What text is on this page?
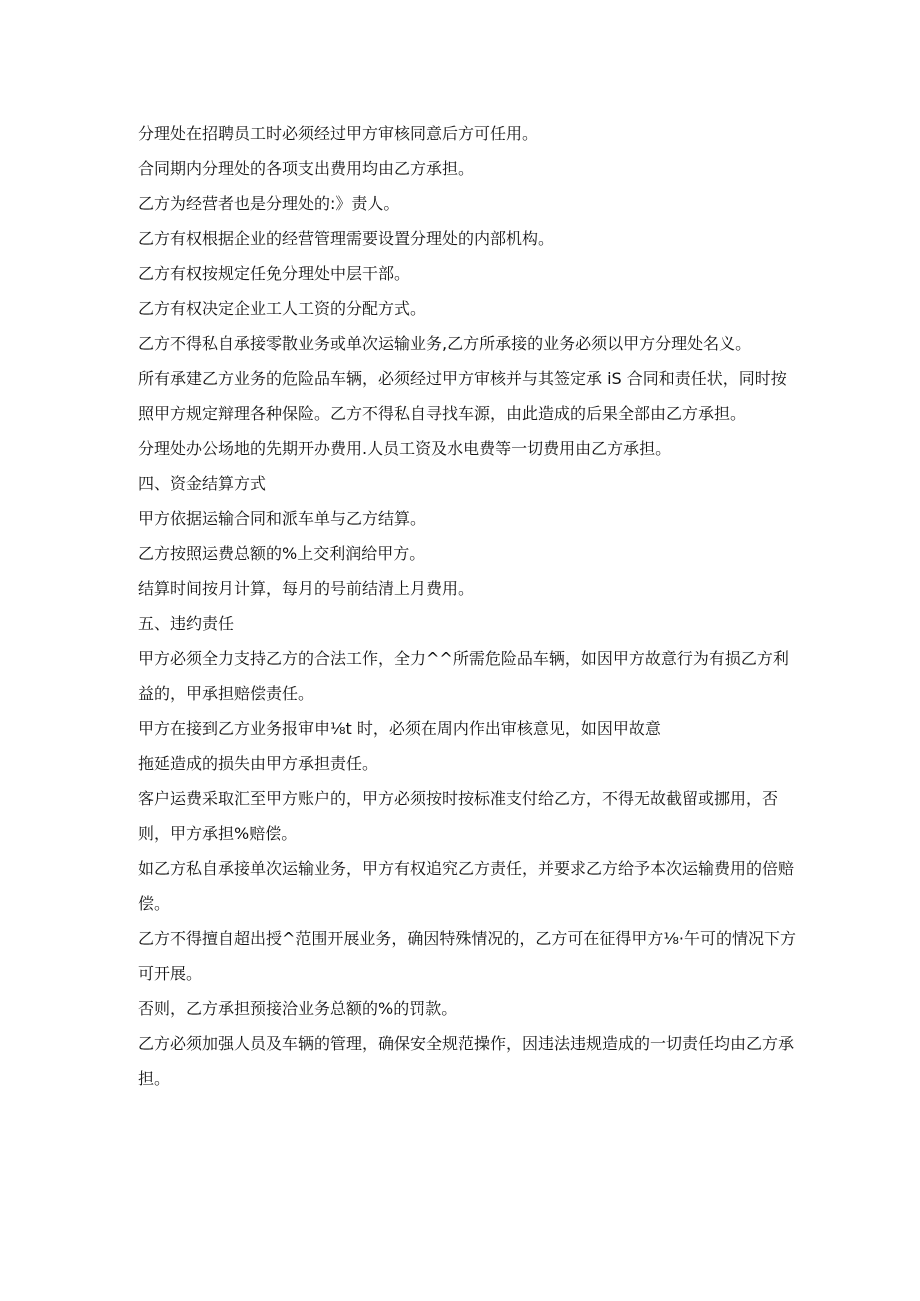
分理处在招聘员工时必须经过甲方审核同意后方可任用。

合同期内分理处的各项支出费用均由乙方承担。

乙方为经营者也是分理处的:》责人。

乙方有权根据企业的经营管理需要设置分理处的内部机构。

乙方有权按规定任免分理处中层干部。

乙方有权决定企业工人工资的分配方式。

乙方不得私自承接零散业务或单次运输业务,乙方所承接的业务必须以甲方分理处名义。

所有承建乙方业务的危险品车辆，必须经过甲方审核并与其签定承 iS 合同和责任状，同时按照甲方规定辩理各种保险。乙方不得私自寻找车源，由此造成的后果全部由乙方承担。

分理处办公场地的先期开办费用.人员工资及水电费等一切费用由乙方承担。

四、资金结算方式

甲方依据运输合同和派车单与乙方结算。

乙方按照运费总额的%上交利润给甲方。

结算时间按月计算，每月的号前结清上月费用。

五、违约责任

甲方必须全力支持乙方的合法工作，全力^^所需危险品车辆，如因甲方故意行为有损乙方利益的，甲承担赔偿责任。

甲方在接到乙方业务报审申⅛t 时，必须在周内作出审核意见，如因甲故意

拖延造成的损失由甲方承担责任。

客户运费采取汇至甲方账户的，甲方必须按时按标准支付给乙方，不得无故截留或挪用，否则，甲方承担%赔偿。

如乙方私自承接单次运输业务，甲方有权追究乙方责任，并要求乙方给予本次运输费用的倍赔偿。

乙方不得擅自超出授^范围开展业务，确因特殊情况的，乙方可在征得甲方⅛·午可的情况下方可开展。

否则，乙方承担预接洽业务总额的%的罚款。

乙方必须加强人员及车辆的管理，确保安全规范操作，因违法违规造成的一切责任均由乙方承担。
